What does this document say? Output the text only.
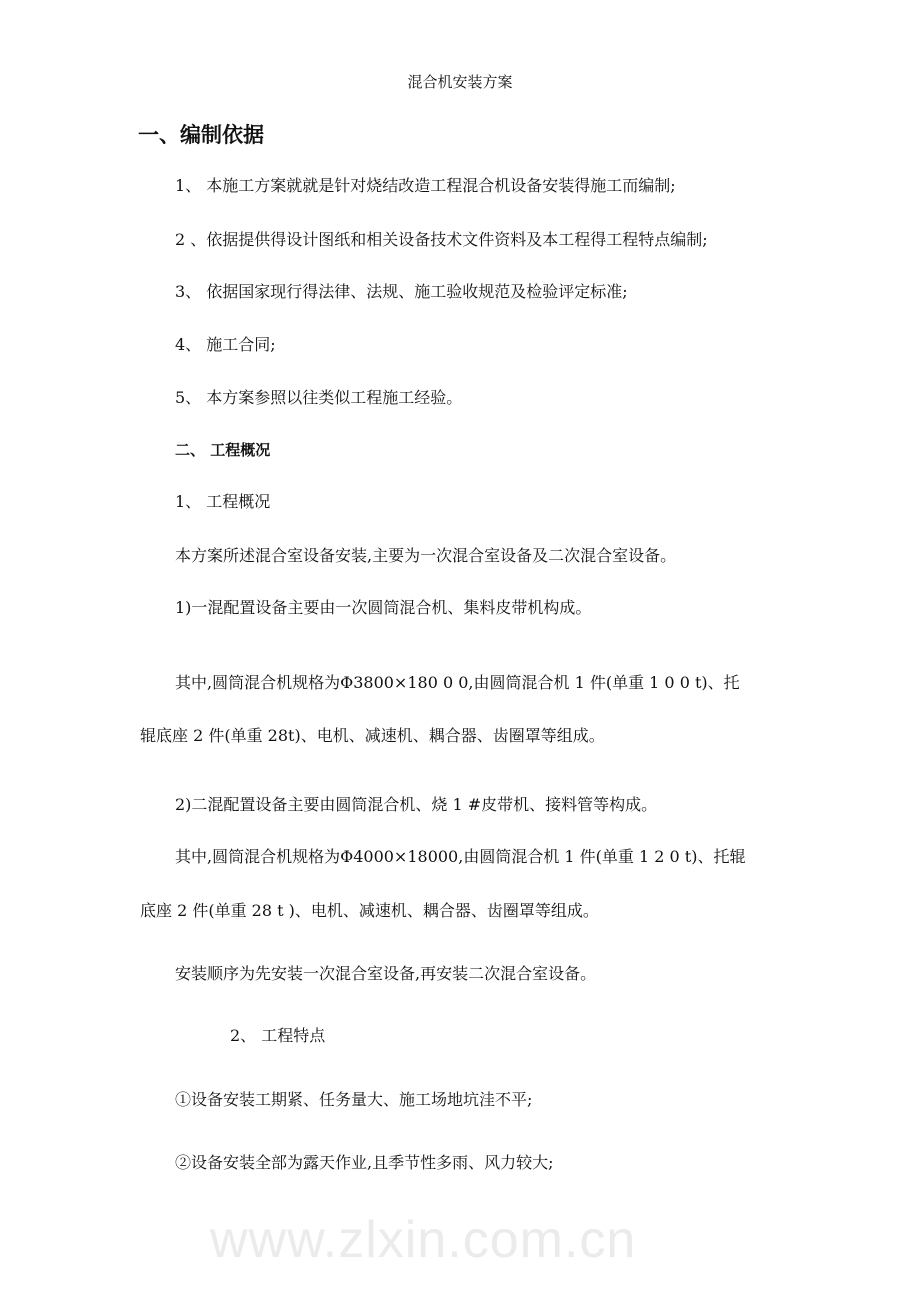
www.zlxin.com.cn
混合机安装方案
一、编制依据
1、 本施工方案就就是针对烧结改造工程混合机设备安装得施工而编制;
2 、依据提供得设计图纸和相关设备技术文件资料及本工程得工程特点编制;
3、 依据国家现行得法律、法规、施工验收规范及检验评定标准;
4、 施工合同;
5、 本方案参照以往类似工程施工经验。
二、 工程概况
1、 工程概况
本方案所述混合室设备安装,主要为一次混合室设备及二次混合室设备。
1)一混配置设备主要由一次圆筒混合机、集料皮带机构成。
其中,圆筒混合机规格为Φ3800×180 0 0,由圆筒混合机 1 件(单重 1 0 0 t)、托
辊底座 2 件(单重 28t)、电机、减速机、耦合器、齿圈罩等组成。
2)二混配置设备主要由圆筒混合机、烧 1 #皮带机、接料管等构成。
其中,圆筒混合机规格为Φ4000×18000,由圆筒混合机 1 件(单重 1 2 0 t)、托辊
底座 2 件(单重 28 t )、电机、减速机、耦合器、齿圈罩等组成。
安装顺序为先安装一次混合室设备,再安装二次混合室设备。
2、 工程特点
①设备安装工期紧、任务量大、施工场地坑洼不平;
②设备安装全部为露天作业,且季节性多雨、风力较大;
